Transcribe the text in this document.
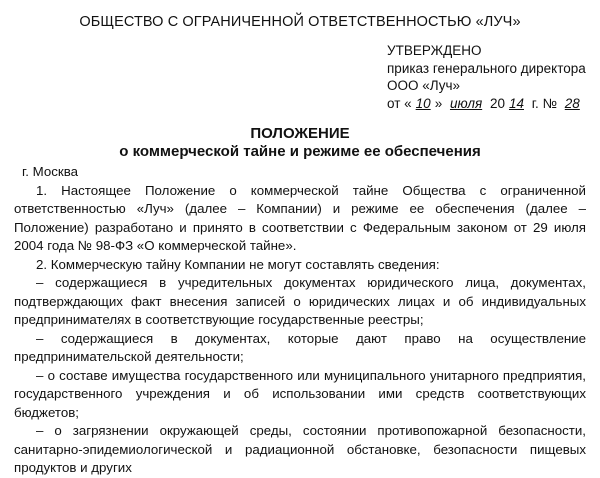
ОБЩЕСТВО С ОГРАНИЧЕННОЙ ОТВЕТСТВЕННОСТЬЮ «ЛУЧ»
УТВЕРЖДЕНО
приказ генерального директора
ООО «Луч»
от « 10 » июля 20 14 г. № 28
ПОЛОЖЕНИЕ
о коммерческой тайне и режиме ее обеспечения

г. Москва

1. Настоящее Положение о коммерческой тайне Общества с ограниченной ответственностью «Луч» (далее – Компании) и режиме ее обеспечения (далее – Положение) разработано и принято в соответствии с Федеральным законом от 29 июля 2004 года № 98-ФЗ «О коммерческой тайне».

2. Коммерческую тайну Компании не могут составлять сведения:

– содержащиеся в учредительных документах юридического лица, документах, подтверждающих факт внесения записей о юридических лицах и об индивидуальных предпринимателях в соответствующие государственные реестры;

– содержащиеся в документах, которые дают право на осуществление предпринимательской деятельности;

– о составе имущества государственного или муниципального унитарного предприятия, государственного учреждения и об использовании ими средств соответствующих бюджетов;

– о загрязнении окружающей среды, состоянии противопожарной безопасности, санитарно-эпидемиологической и радиационной обстановке, безопасности пищевых продуктов и других
